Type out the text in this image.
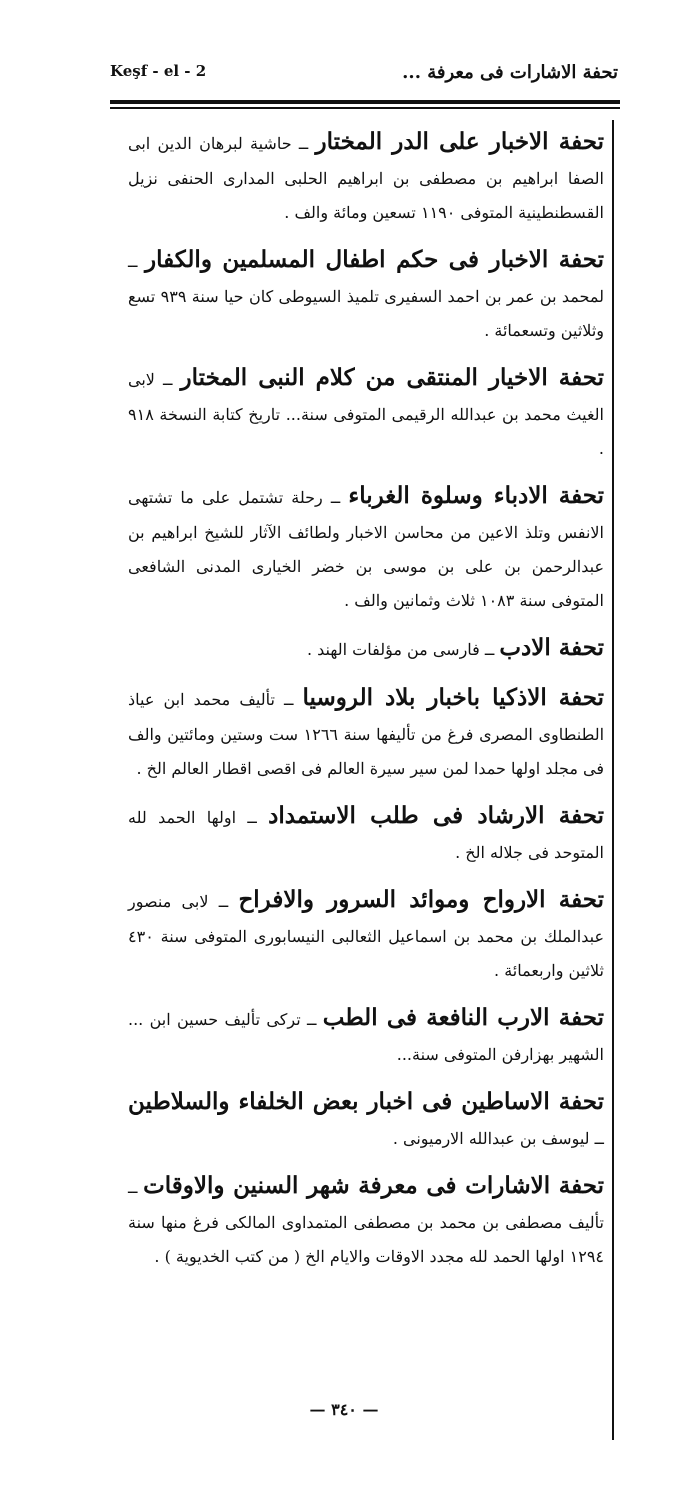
تحفة الاشارات فى معرفة ...
Keşf - el - 2

تحفة الاخبار على الدر المختار ــ حاشية لبرهان الدين ابى الصفا ابراهيم بن مصطفى بن ابراهيم الحلبى المدارى الحنفى نزيل القسطنطينية المتوفى ١١٩٠ تسعين ومائة والف .

تحفة الاخبار فى حكم اطفال المسلمين والكفار ــ لمحمد بن عمر بن احمد السفيرى تلميذ السيوطى كان حيا سنة ٩٣٩ تسع وثلاثين وتسعمائة .

تحفة الاخيار المنتقى من كلام النبى المختار ــ لابى الغيث محمد بن عبدالله الرقيمى المتوفى سنة... تاريخ كتابة النسخة ٩١٨ .

تحفة الادباء وسلوة الغرباء ــ رحلة تشتمل على ما تشتهى الانفس وتلذ الاعين من محاسن الاخبار ولطائف الآثار للشيخ ابراهيم بن عبدالرحمن بن على بن موسى بن خضر الخيارى المدنى الشافعى المتوفى سنة ١٠٨٣ ثلاث وثمانين والف .

تحفة الادب ــ فارسى من مؤلفات الهند .

تحفة الاذكيا باخبار بلاد الروسيا ــ تأليف محمد ابن عياذ الطنطاوى المصرى فرغ من تأليفها سنة ١٢٦٦ ست وستين ومائتين والف فى مجلد اولها حمدا لمن سير سيرة العالم فى اقصى اقطار العالم الخ .

تحفة الارشاد فى طلب الاستمداد ــ اولها الحمد لله المتوحد فى جلاله الخ .

تحفة الارواح وموائد السرور والافراح ــ لابى منصور عبدالملك بن محمد بن اسماعيل الثعالبى النيسابورى المتوفى سنة ٤٣٠ ثلاثين واربعمائة .

تحفة الارب النافعة فى الطب ــ تركى تأليف حسين ابن ... الشهير بهزارفن المتوفى سنة...

تحفة الاساطين فى اخبار بعض الخلفاء والسلاطين ــ ليوسف بن عبدالله الارميونى .

تحفة الاشارات فى معرفة شهر السنين والاوقات ــ تأليف مصطفى بن محمد بن مصطفى المتمداوى المالكى فرغ منها سنة ١٢٩٤ اولها الحمد لله مجدد الاوقات والايام الخ ( من كتب الخديوية ) .

— ٣٤٠ —
